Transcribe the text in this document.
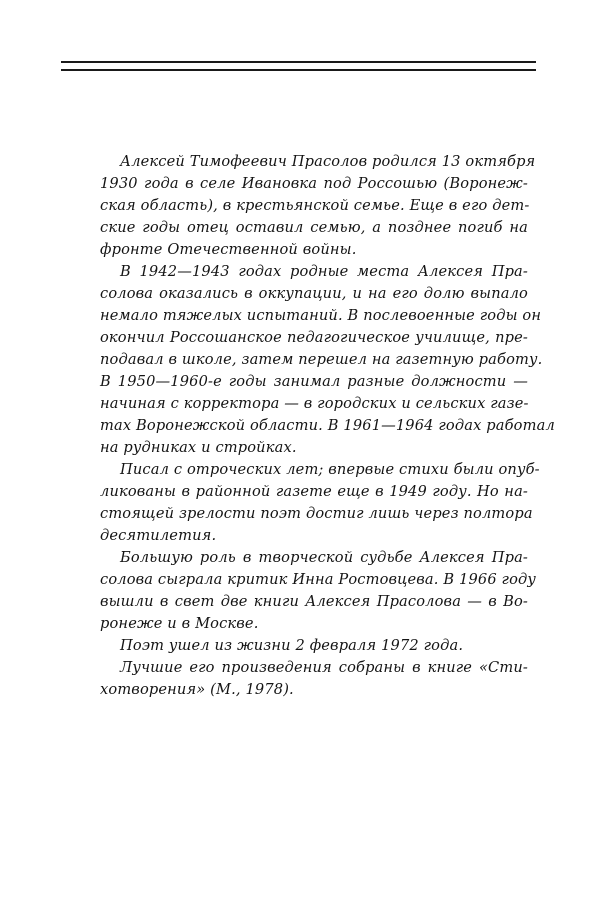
Алексей Тимофеевич Прасолов родился 13 октября
1930 года в селе Ивановка под Россошью (Воронеж-
ская область), в крестьянской семье. Еще в его дет-
ские годы отец оставил семью, а позднее погиб на
фронте Отечественной войны.

В 1942—1943 годах родные места Алексея Пра-
солова оказались в оккупации, и на его долю выпало
немало тяжелых испытаний. В послевоенные годы он
окончил Россошанское педагогическое училище, пре-
подавал в школе, затем перешел на газетную работу.
В 1950—1960-е годы занимал разные должности —
начиная с корректора — в городских и сельских газе-
тах Воронежской области. В 1961—1964 годах работал
на рудниках и стройках.

Писал с отроческих лет; впервые стихи были опуб-
ликованы в районной газете еще в 1949 году. Но на-
стоящей зрелости поэт достиг лишь через полтора
десятилетия.

Большую роль в творческой судьбе Алексея Пра-
солова сыграла критик Инна Ростовцева. В 1966 году
вышли в свет две книги Алексея Прасолова — в Во-
ронеже и в Москве.

Поэт ушел из жизни 2 февраля 1972 года.

Лучшие его произведения собраны в книге «Сти-
хотворения» (М., 1978).
